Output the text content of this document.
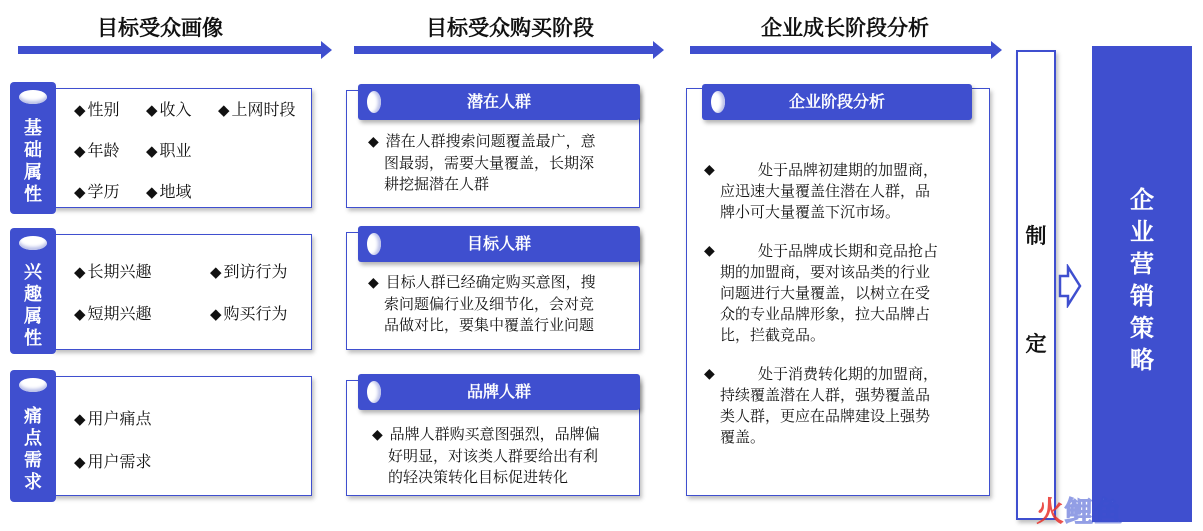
目标受众画像	目标受众购买阶段	企业成长阶段分析
基
础
属
性
◆ 性别	◆ 收入	◆ 上网时段
◆ 年龄	◆ 职业
◆ 学历	◆ 地域
兴
趣
属
性
◆ 长期兴趣	◆ 到访行为
◆ 短期兴趣	◆ 购买行为
痛
点
需
求
◆ 用户痛点
◆ 用户需求
潜在人群
◆ 潜在人群搜索问题覆盖最广，意
图最弱，需要大量覆盖，长期深
耕挖掘潜在人群
目标人群
◆ 目标人群已经确定购买意图，搜
索问题偏行业及细节化，会对竞
品做对比，要集中覆盖行业问题
品牌人群
◆ 品牌人群购买意图强烈，品牌偏
好明显，对该类人群要给出有利
的轻决策转化目标促进转化
企业阶段分析
◆	处于品牌初建期的加盟商，
应迅速大量覆盖住潜在人群，品
牌小可大量覆盖下沉市场。
◆	处于品牌成长期和竞品抢占
期的加盟商，要对该品类的行业
问题进行大量覆盖，以树立在受
众的专业品牌形象，拉大品牌占
比，拦截竞品。
◆	处于消费转化期的加盟商，
持续覆盖潜在人群，强势覆盖品
类人群，更应在品牌建设上强势
覆盖。
制
定
企
业
营
销
策
略
火鲤鱼
